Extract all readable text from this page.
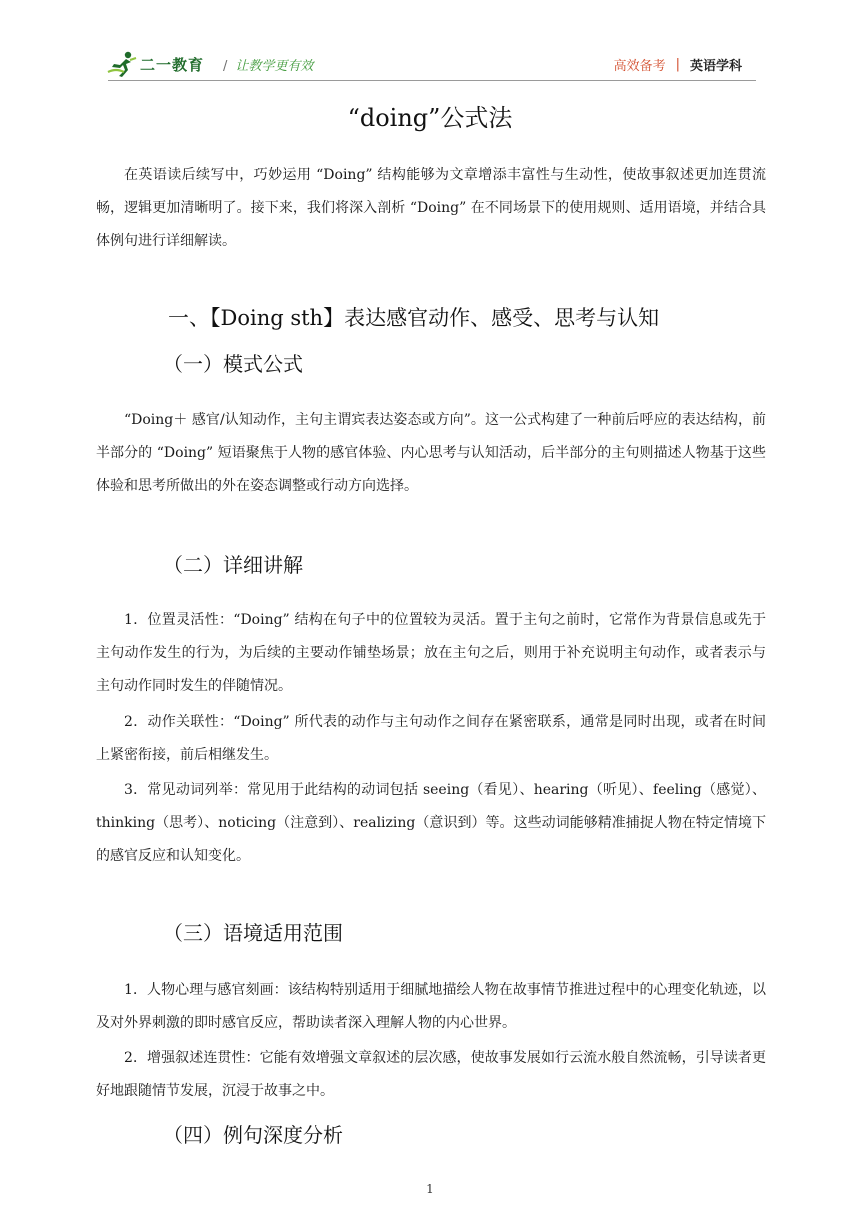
二一教育 / 让教学更有效	高效备考 | 英语学科
“doing”公式法

在英语读后续写中，巧妙运用 “Doing” 结构能够为文章增添丰富性与生动性，使故事叙述更加连贯流畅，逻辑更加清晰明了。接下来，我们将深入剖析 “Doing” 在不同场景下的使用规则、适用语境，并结合具体例句进行详细解读。

一、【Doing sth】表达感官动作、感受、思考与认知
（一）模式公式

“Doing＋ 感官/认知动作，主句主谓宾表达姿态或方向”。这一公式构建了一种前后呼应的表达结构，前半部分的 “Doing” 短语聚焦于人物的感官体验、内心思考与认知活动，后半部分的主句则描述人物基于这些体验和思考所做出的外在姿态调整或行动方向选择。

（二）详细讲解

1．位置灵活性：“Doing” 结构在句子中的位置较为灵活。置于主句之前时，它常作为背景信息或先于主句动作发生的行为，为后续的主要动作铺垫场景；放在主句之后，则用于补充说明主句动作，或者表示与主句动作同时发生的伴随情况。

2．动作关联性：“Doing” 所代表的动作与主句动作之间存在紧密联系，通常是同时出现，或者在时间上紧密衔接，前后相继发生。

3．常见动词列举：常见用于此结构的动词包括 seeing（看见）、hearing（听见）、feeling（感觉）、thinking（思考）、noticing（注意到）、realizing（意识到）等。这些动词能够精准捕捉人物在特定情境下的感官反应和认知变化。

（三）语境适用范围

1．人物心理与感官刻画：该结构特别适用于细腻地描绘人物在故事情节推进过程中的心理变化轨迹，以及对外界刺激的即时感官反应，帮助读者深入理解人物的内心世界。

2．增强叙述连贯性：它能有效增强文章叙述的层次感，使故事发展如行云流水般自然流畅，引导读者更好地跟随情节发展，沉浸于故事之中。

（四）例句深度分析
1
